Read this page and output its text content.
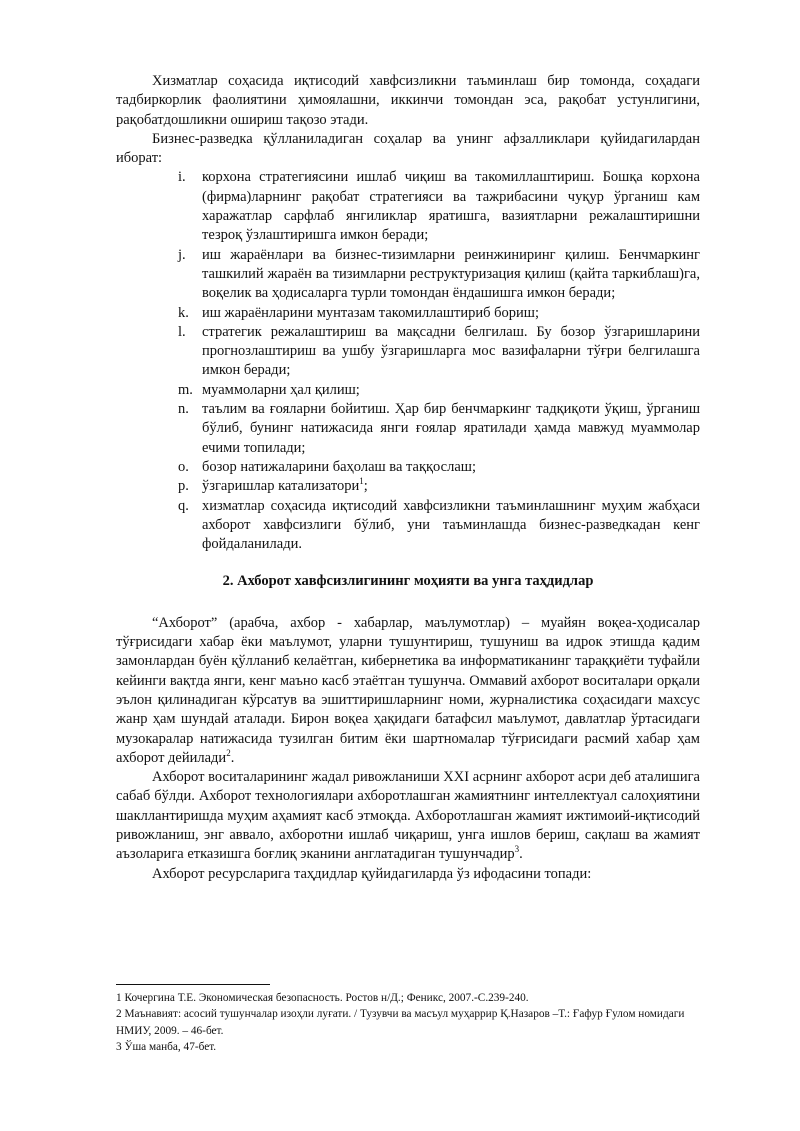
Хизматлар соҳасида иқтисодий хавфсизликни таъминлаш бир томонда, соҳадаги тадбиркорлик фаолиятини ҳимоялашни, иккинчи томондан эса, рақобат устунлигини, рақобатдошликни ошириш тақозо этади.

Бизнес-разведка қўлланиладиган соҳалар ва унинг афзалликлари қуйидагилардан иборат:

i. корхона стратегиясини ишлаб чиқиш ва такомиллаштириш. Бошқа корхона (фирма)ларнинг рақобат стратегияси ва тажрибасини чуқур ўрганиш кам харажатлар сарфлаб янгиликлар яратишга, вазиятларни режалаштиришни тезроқ ўзлаштиришга имкон беради;
j. иш жараёнлари ва бизнес-тизимларни реинжиниринг қилиш. Бенчмаркинг ташкилий жараён ва тизимларни реструктуризация қилиш (қайта таркиблаш)га, воқелик ва ҳодисаларга турли томондан ёндашишга имкон беради;
k. иш жараёнларини мунтазам такомиллаштириб бориш;
l. стратегик режалаштириш ва мақсадни белгилаш. Бу бозор ўзгаришларини прогнозлаштириш ва ушбу ўзгаришларга мос вазифаларни тўғри белгилашга имкон беради;
m. муаммоларни ҳал қилиш;
n. таълим ва ғояларни бойитиш. Ҳар бир бенчмаркинг тадқиқоти ўқиш, ўрганиш бўлиб, бунинг натижасида янги ғоялар яратилади ҳамда мавжуд муаммолар ечими топилади;
o. бозор натижаларини баҳолаш ва таққослаш;
p. ўзгаришлар катализатори$^1$;
q. хизматлар соҳасида иқтисодий хавфсизликни таъминлашнинг муҳим жабҳаси ахборот хавфсизлиги бўлиб, уни таъминлашда бизнес-разведкадан кенг фойдаланилади.
2. Ахборот хавфсизлигининг моҳияти ва унга таҳдидлар

“Ахборот” (арабча, ахбор - хабарлар, маълумотлар) – муайян воқеа-ҳодисалар тўғрисидаги хабар ёки маълумот, уларни тушунтириш, тушуниш ва идрок этишда қадим замонлардан буён қўлланиб келаётган, кибернетика ва информатиканинг тараққиёти туфайли кейинги вақтда янги, кенг маъно касб этаётган тушунча. Оммавий ахборот воситалари орқали эълон қилинадиган кўрсатув ва эшиттиришларнинг номи, журналистика соҳасидаги махсус жанр ҳам шундай аталади. Бирон воқеа ҳақидаги батафсил маълумот, давлатлар ўртасидаги музокаралар натижасида тузилган битим ёки шартномалар тўғрисидаги расмий хабар ҳам ахборот дейилади$^2$.

Ахборот воситаларининг жадал ривожланиши XXI асрнинг ахборот асри деб аталишига сабаб бўлди. Ахборот технологиялари ахборотлашган жамиятнинг интеллектуал салоҳиятини шакллантиришда муҳим аҳамият касб этмоқда. Ахборотлашган жамият ижтимоий-иқтисодий ривожланиш, энг аввало, ахборотни ишлаб чиқариш, унга ишлов бериш, сақлаш ва жамият аъзоларига етказишга боғлиқ эканини англатадиган тушунчадир$^3$.

Ахборот ресурсларига таҳдидлар қуйидагиларда ўз ифодасини топади:

1 Кочергина Т.Е. Экономическая безопасность. Ростов н/Д.; Феникс, 2007.-С.239-240.

2 Маънавият: асосий тушунчалар изоҳли луғати. / Тузувчи ва масъул муҳаррир Қ.Назаров –Т.: Ғафур Ғулом номидаги НМИУ, 2009. – 46-бет.

3 Ўша манба, 47-бет.
